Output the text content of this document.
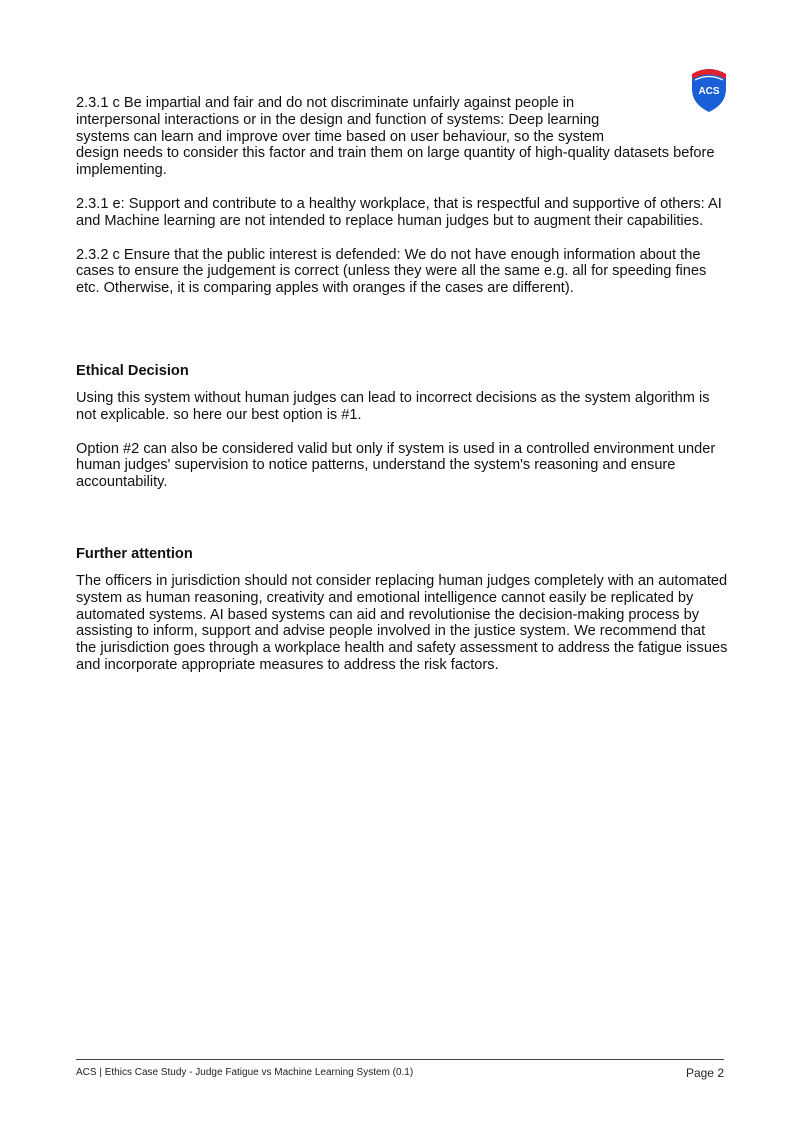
ACS

2.3.1 c Be impartial and fair and do not discriminate unfairly against people in
interpersonal interactions or in the design and function of systems: Deep learning
systems can learn and improve over time based on user behaviour, so the system
design needs to consider this factor and train them on large quantity of high-quality datasets before implementing.

2.3.1 e: Support and contribute to a healthy workplace, that is respectful and supportive of others: AI and Machine learning are not intended to replace human judges but to augment their capabilities.

2.3.2 c Ensure that the public interest is defended: We do not have enough information about the cases to ensure the judgement is correct (unless they were all the same e.g. all for speeding fines etc. Otherwise, it is comparing apples with oranges if the cases are different).

Ethical Decision

Using this system without human judges can lead to incorrect decisions as the system algorithm is not explicable. so here our best option is #1.

Option #2 can also be considered valid but only if system is used in a controlled environment under human judges' supervision to notice patterns, understand the system's reasoning and ensure accountability.

Further attention

The officers in jurisdiction should not consider replacing human judges completely with an automated system as human reasoning, creativity and emotional intelligence cannot easily be replicated by automated systems. AI based systems can aid and revolutionise the decision-making process by assisting to inform, support and advise people involved in the justice system. We recommend that the jurisdiction goes through a workplace health and safety assessment to address the fatigue issues and incorporate appropriate measures to address the risk factors.

ACS | Ethics Case Study - Judge Fatigue vs Machine Learning System (0.1)	Page 2
